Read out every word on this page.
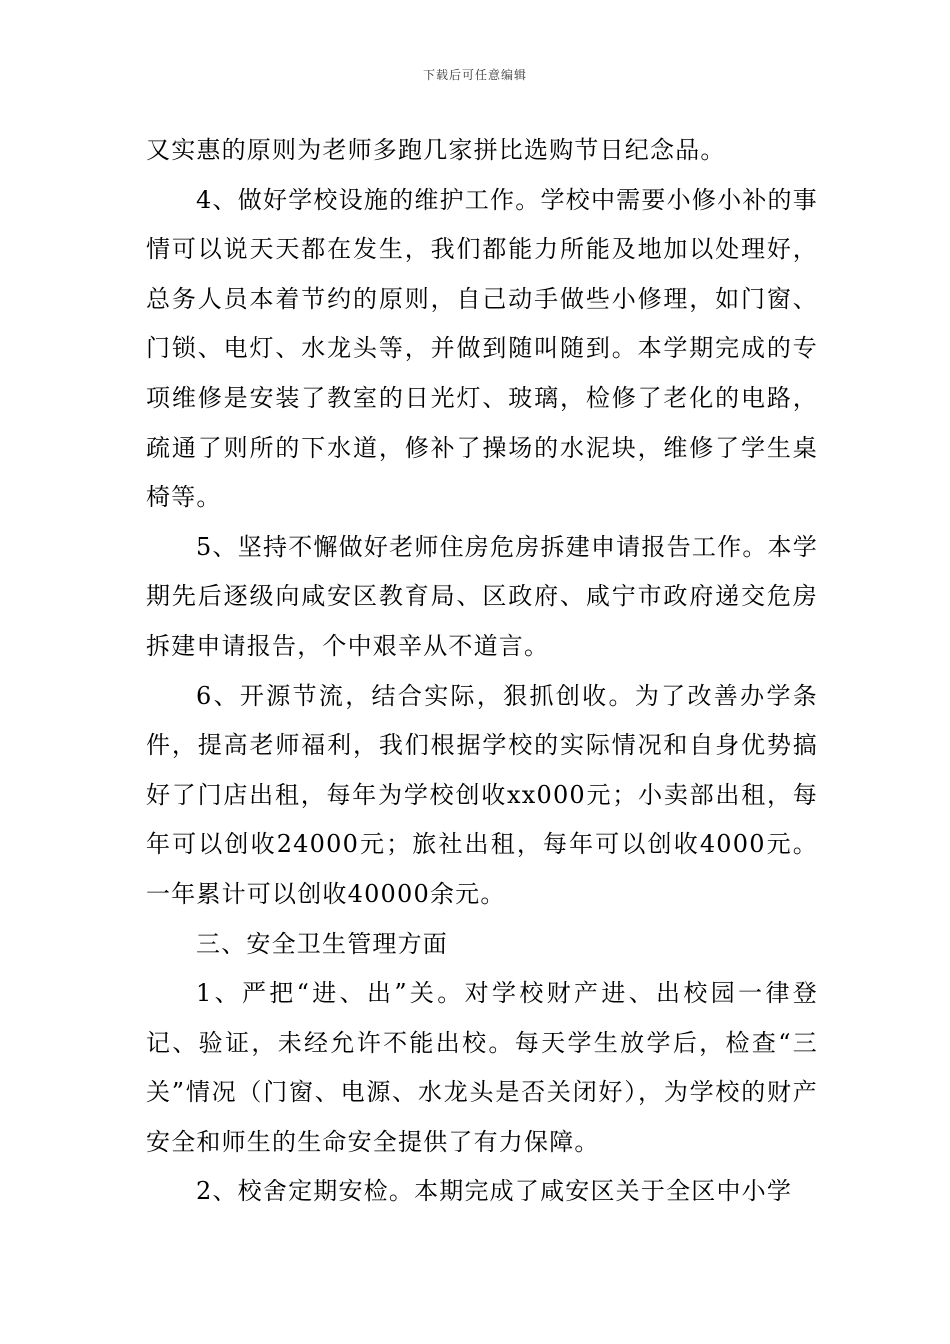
下载后可任意编辑

又实惠的原则为老师多跑几家拼比选购节日纪念品。

4、做好学校设施的维护工作。学校中需要小修小补的事情可以说天天都在发生，我们都能力所能及地加以处理好，总务人员本着节约的原则，自己动手做些小修理，如门窗、门锁、电灯、水龙头等，并做到随叫随到。本学期完成的专项维修是安装了教室的日光灯、玻璃，检修了老化的电路，疏通了则所的下水道，修补了操场的水泥块，维修了学生桌椅等。

5、坚持不懈做好老师住房危房拆建申请报告工作。本学期先后逐级向咸安区教育局、区政府、咸宁市政府递交危房拆建申请报告，个中艰辛从不道言。

6、开源节流，结合实际，狠抓创收。为了改善办学条件，提高老师福利，我们根据学校的实际情况和自身优势搞好了门店出租，每年为学校创收xx000元；小卖部出租，每年可以创收24000元；旅社出租，每年可以创收4000元。一年累计可以创收40000余元。

三、安全卫生管理方面

1、严把“进、出”关。对学校财产进、出校园一律登记、验证，未经允许不能出校。每天学生放学后，检查“三关”情况（门窗、电源、水龙头是否关闭好），为学校的财产安全和师生的生命安全提供了有力保障。

2、校舍定期安检。本期完成了咸安区关于全区中小学
